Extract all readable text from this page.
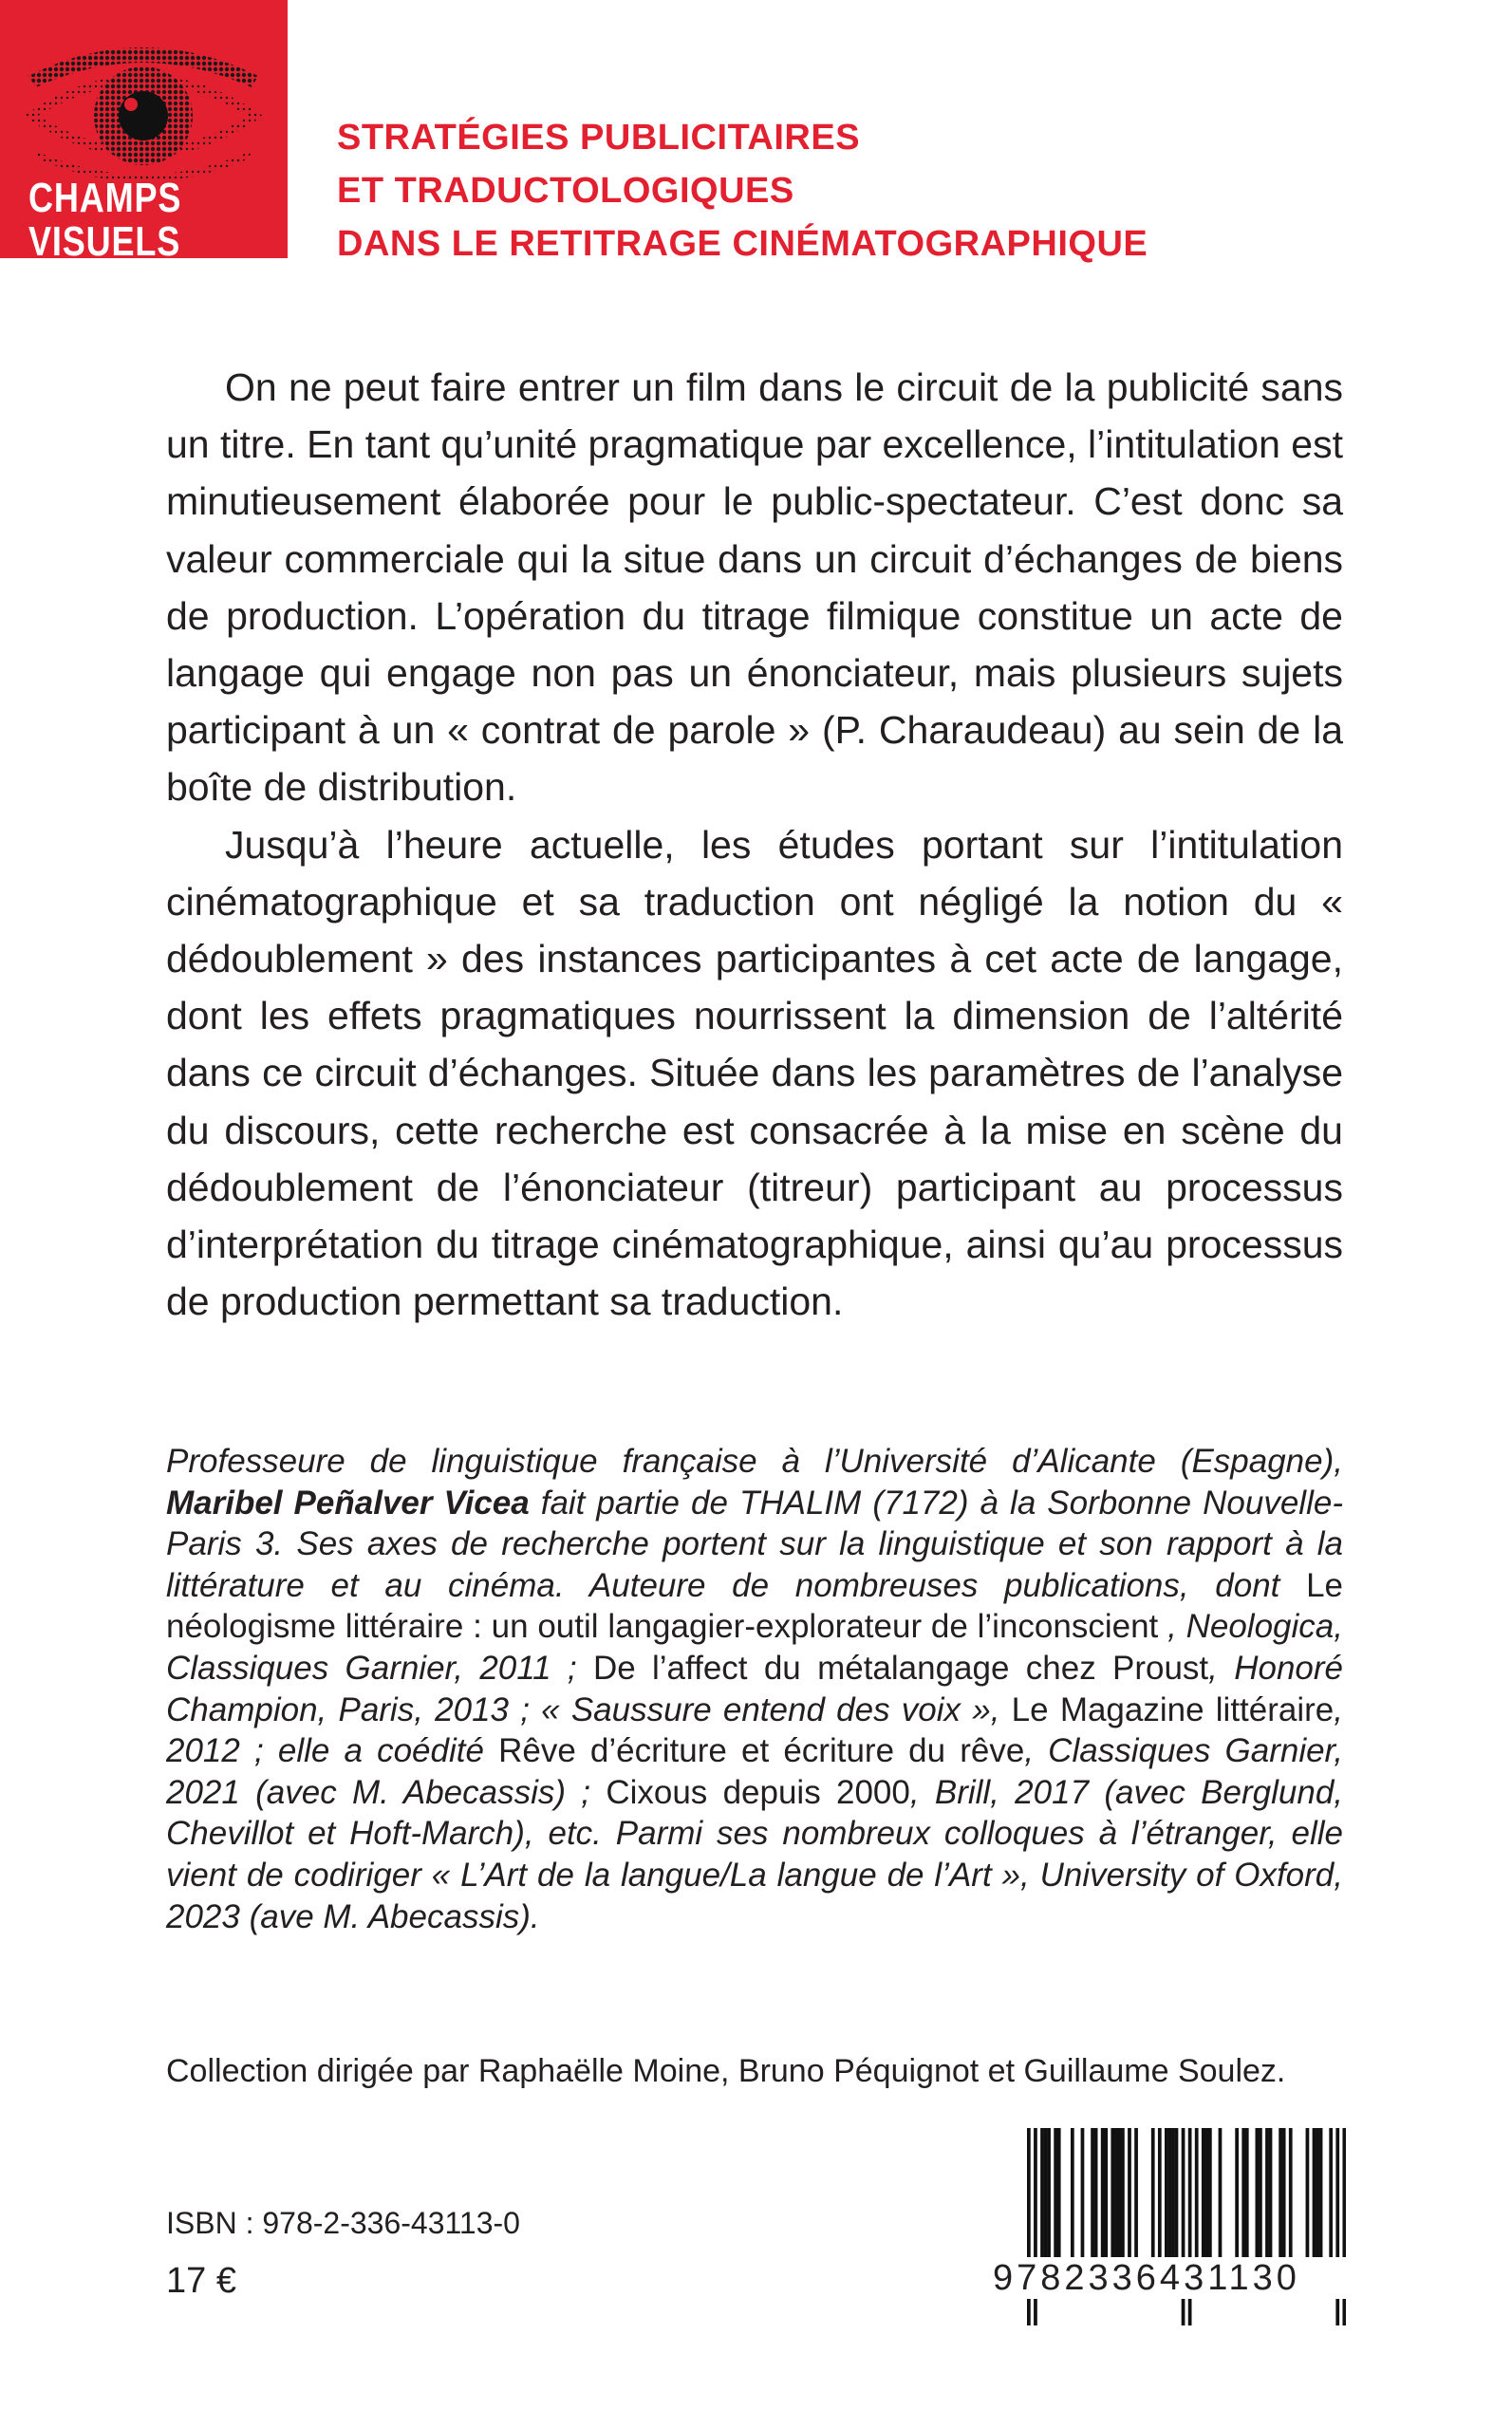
CHAMPS
VISUELS
STRATÉGIES PUBLICITAIRES
ET TRADUCTOLOGIQUES
DANS LE RETITRAGE CINÉMATOGRAPHIQUE

On ne peut faire entrer un film dans le circuit de la publicité sans un titre. En tant qu’unité pragmatique par excellence, l’intitulation est minutieusement élaborée pour le public-spectateur. C’est donc sa valeur commerciale qui la situe dans un circuit d’échanges de biens de production. L’opération du titrage filmique constitue un acte de langage qui engage non pas un énonciateur, mais plusieurs sujets participant à un « contrat de parole » (P. Charaudeau) au sein de la boîte de distribution.

Jusqu’à l’heure actuelle, les études portant sur l’intitulation cinématographique et sa traduction ont négligé la notion du « dédoublement » des instances participantes à cet acte de langage, dont les effets pragmatiques nourrissent la dimension de l’altérité dans ce circuit d’échanges. Située dans les paramètres de l’analyse du discours, cette recherche est consacrée à la mise en scène du dédoublement de l’énonciateur (titreur) participant au processus d’interprétation du titrage cinématographique, ainsi qu’au processus de production permettant sa traduction.

Professeure de linguistique française à l’Université d’Alicante (Espagne), Maribel Peñalver Vicea fait partie de THALIM (7172) à la Sorbonne Nouvelle-Paris 3. Ses axes de recherche portent sur la linguistique et son rapport à la littérature et au cinéma. Auteure de nombreuses publications, dont Le néologisme littéraire : un outil langagier-explorateur de l’inconscient , Neologica, Classiques Garnier, 2011 ; De l’affect du métalangage chez Proust, Honoré Champion, Paris, 2013 ; « Saussure entend des voix », Le Magazine littéraire, 2012 ; elle a coédité Rêve d’écriture et écriture du rêve, Classiques Garnier, 2021 (avec M. Abecassis) ; Cixous depuis 2000, Brill, 2017 (avec Berglund, Chevillot et Hoft-March), etc. Parmi ses nombreux colloques à l’étranger, elle vient de codiriger « L’Art de la langue/La langue de l’Art », University of Oxford, 2023 (ave M. Abecassis).

Collection dirigée par Raphaëlle Moine, Bruno Péquignot et Guillaume Soulez.
ISBN : 978-2-336-43113-0
17 €	9782336431130
